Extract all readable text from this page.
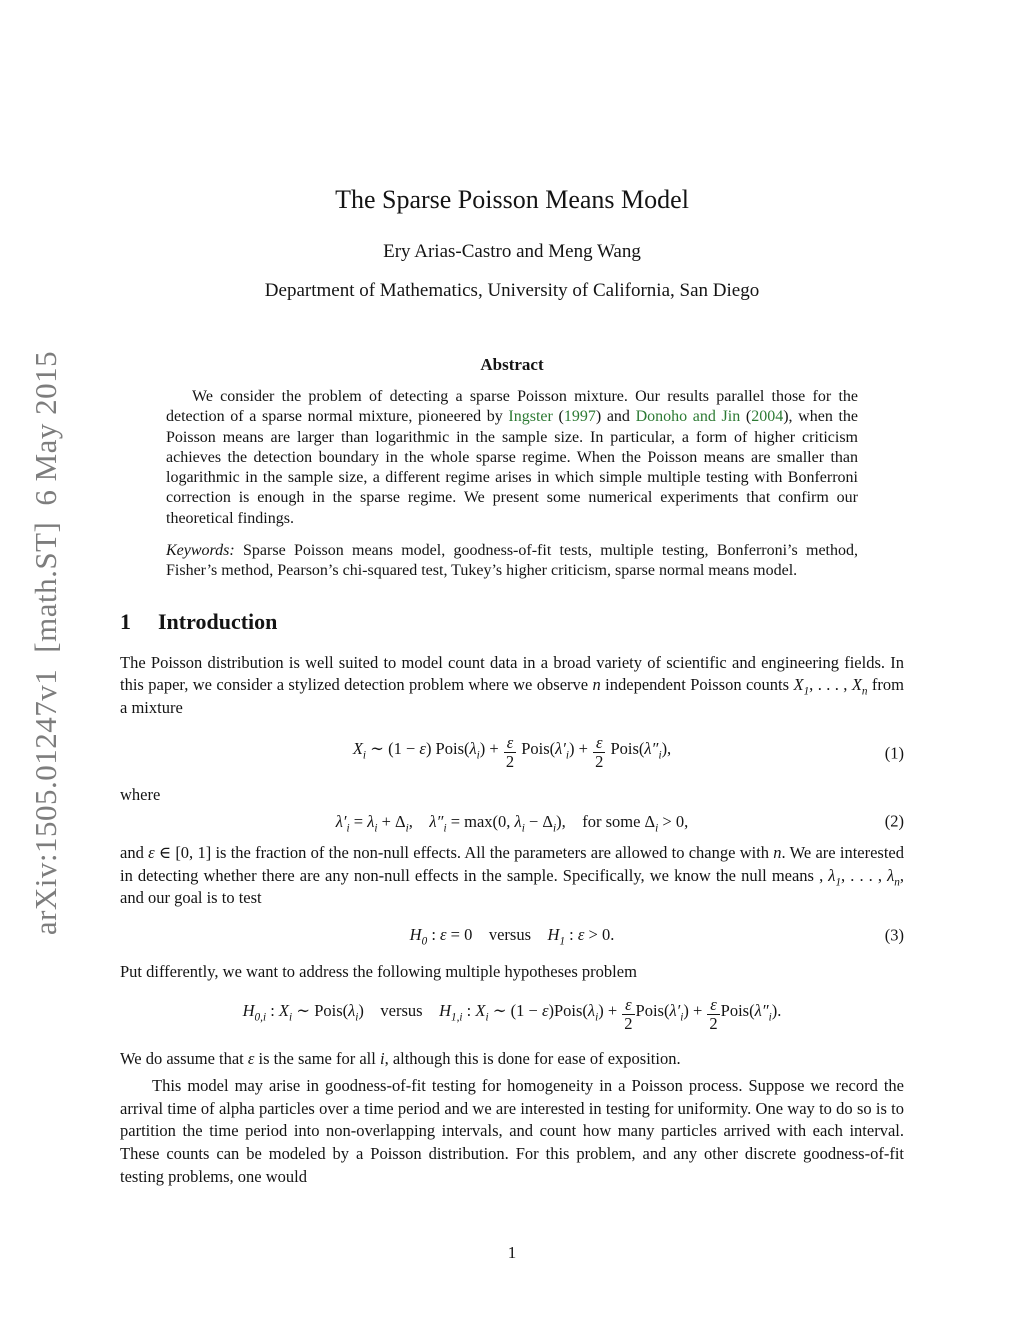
arXiv:1505.01247v1 [math.ST] 6 May 2015
The Sparse Poisson Means Model
Ery Arias-Castro and Meng Wang
Department of Mathematics, University of California, San Diego
Abstract
We consider the problem of detecting a sparse Poisson mixture. Our results parallel those for the detection of a sparse normal mixture, pioneered by Ingster (1997) and Donoho and Jin (2004), when the Poisson means are larger than logarithmic in the sample size. In particular, a form of higher criticism achieves the detection boundary in the whole sparse regime. When the Poisson means are smaller than logarithmic in the sample size, a different regime arises in which simple multiple testing with Bonferroni correction is enough in the sparse regime. We present some numerical experiments that confirm our theoretical findings.
Keywords: Sparse Poisson means model, goodness-of-fit tests, multiple testing, Bonferroni’s method, Fisher’s method, Pearson’s chi-squared test, Tukey’s higher criticism, sparse normal means model.
1 Introduction

The Poisson distribution is well suited to model count data in a broad variety of scientific and engineering fields. In this paper, we consider a stylized detection problem where we observe n independent Poisson counts $X_1$, . . . , $X_n$ from a mixture

$X_i$ ∼ (1 − ε) $Pois(\lambda_i) + \frac{\varepsilon}{2}$ $Pois(\lambda'_i) + \frac{\varepsilon}{2}$ $Pois(\lambda''_i)$,	(1)

where

$\lambda'_i = \lambda_i + \Delta_i$, $\lambda''_i = \max(0$, $\lambda_i - \Delta_i$), for some $\Delta_i > 0$,	(2)

and ε ∈ [0, 1] is the fraction of the non-null effects. All the parameters are allowed to change with n. We are interested in detecting whether there are any non-null effects in the sample. Specifically, we know the null means , $\lambda_1$, . . . , $\lambda_n$, and our goal is to test

$H_0$ : ε = 0 versus $H_1$ : ε > 0.	(3)

Put differently, we want to address the following multiple hypotheses problem

$H_{0,i}$ : $X_i$ ∼ $Pois(\lambda_i)$ versus $H_{1,i}$ : $X_i$ ∼ $(1 - \varepsilon)Pois(\lambda_i) + \frac{\varepsilon}{2}$ $Pois(\lambda'_i) + \frac{\varepsilon}{2}$ $Pois(\lambda''_i)$.

We do assume that ε is the same for all i, although this is done for ease of exposition.

This model may arise in goodness-of-fit testing for homogeneity in a Poisson process. Suppose we record the arrival time of alpha particles over a time period and we are interested in testing for uniformity. One way to do so is to partition the time period into non-overlapping intervals, and count how many particles arrived with each interval. These counts can be modeled by a Poisson distribution. For this problem, and any other discrete goodness-of-fit testing problems, one would

1
